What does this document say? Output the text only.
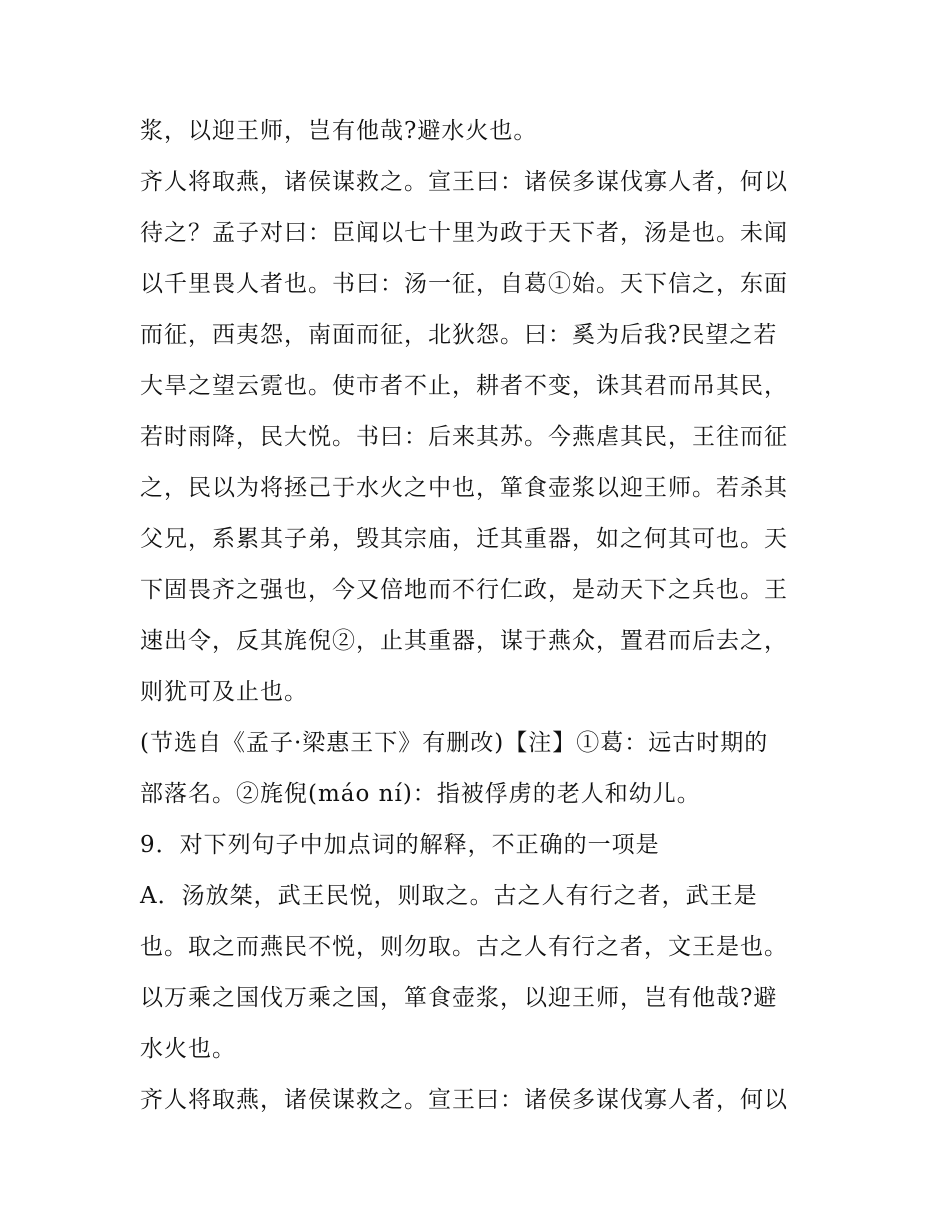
浆，以迎王师，岂有他哉?避水火也。
齐人将取燕，诸侯谋救之。宣王曰：诸侯多谋伐寡人者，何以
待之？孟子对曰：臣闻以七十里为政于天下者，汤是也。未闻
以千里畏人者也。书曰：汤一征，自葛①始。天下信之，东面
而征，西夷怨，南面而征，北狄怨。曰：奚为后我?民望之若
大旱之望云霓也。使市者不止，耕者不变，诛其君而吊其民，
若时雨降，民大悦。书曰：后来其苏。今燕虐其民，王往而征
之，民以为将拯己于水火之中也，箪食壶浆以迎王师。若杀其
父兄，系累其子弟，毁其宗庙，迁其重器，如之何其可也。天
下固畏齐之强也，今又倍地而不行仁政，是动天下之兵也。王
速出令，反其旄倪②，止其重器，谋于燕众，置君而后去之，
则犹可及止也。
(节选自《孟子·梁惠王下》有删改)【注】①葛：远古时期的
部落名。②旄倪(máo ní)：指被俘虏的老人和幼儿。
9．对下列句子中加点词的解释，不正确的一项是
A．汤放桀，武王民悦，则取之。古之人有行之者，武王是
也。取之而燕民不悦，则勿取。古之人有行之者，文王是也。
以万乘之国伐万乘之国，箪食壶浆，以迎王师，岂有他哉?避
水火也。
齐人将取燕，诸侯谋救之。宣王曰：诸侯多谋伐寡人者，何以
